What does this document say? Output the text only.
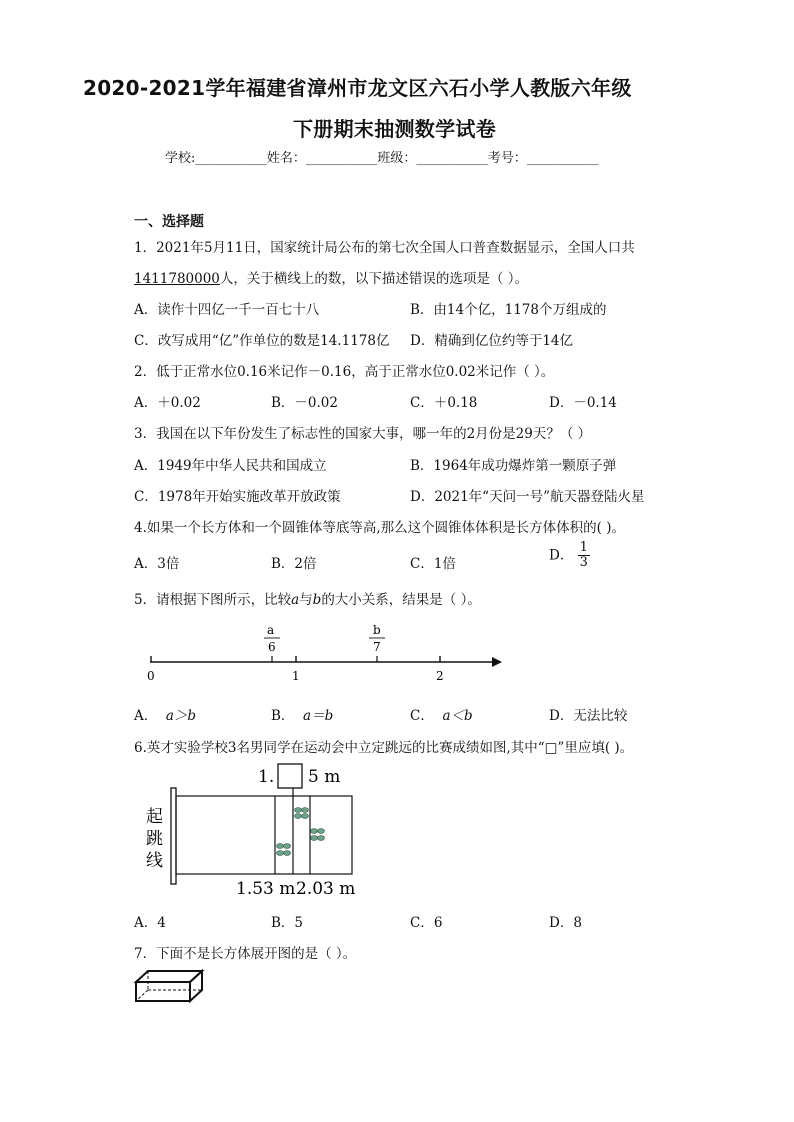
2020-2021学年福建省漳州市龙文区六石小学人教版六年级
下册期末抽测数学试卷
学校:___________姓名：___________班级：___________考号：___________
一、选择题
1．2021年5月11日，国家统计局公布的第七次全国人口普查数据显示，全国人口共
1411780000人，关于横线上的数，以下描述错误的选项是（ ）。
A．读作十四亿一千一百七十八	B．由14个亿，1178个万组成的
C．改写成用“亿”作单位的数是14.1178亿 D．精确到亿位约等于14亿
2．低于正常水位0.16米记作－0.16，高于正常水位0.02米记作（ ）。
A．＋0.02	B．－0.02	C．＋0.18	D．－0.14
3．我国在以下年份发生了标志性的国家大事，哪一年的2月份是29天？（ ）
A．1949年中华人民共和国成立	B．1964年成功爆炸第一颗原子弹
C．1978年开始实施改革开放政策	D．2021年“天问一号”航天器登陆火星
4.如果一个长方体和一个圆锥体等底等高,那么这个圆锥体体积是长方体体积的( )。
A．3倍	B．2倍	C．1倍
D． $\frac{1}{3}$
5．请根据下图所示，比较a与b的大小关系，结果是（ ）。
0	1	2
a
6
b
7
A． a＞b	B． a＝b	C． a＜b	D．无法比较
6.英才实验学校3名男同学在运动会中立定跳远的比赛成绩如图,其中“□”里应填( )。
1. 5 m
起
跳
线
1.53 m 2.03 m
A．4	B．5	C．6	D．8
7．下面不是长方体展开图的是（ ）。
